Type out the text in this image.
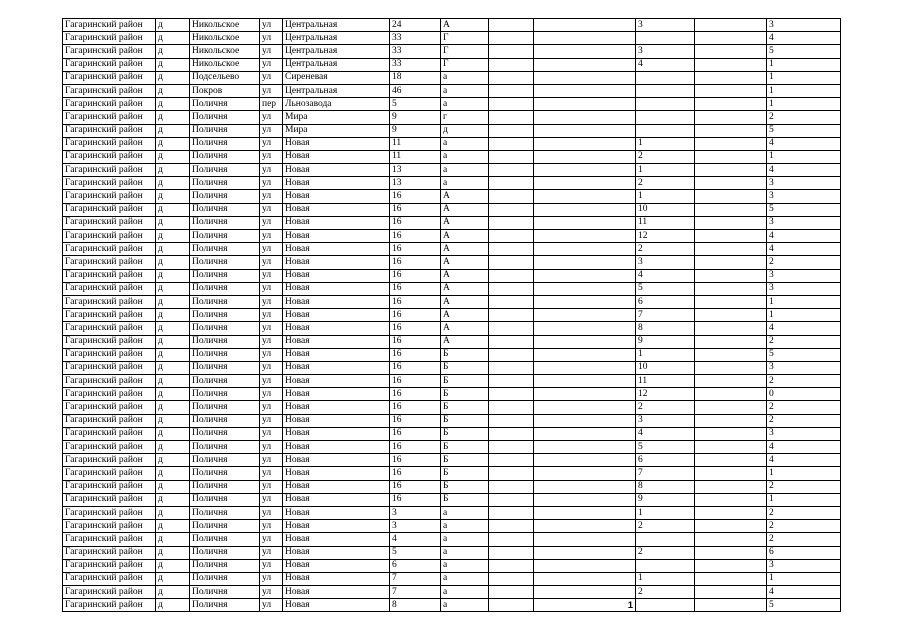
Гагаринский район	д	Никольское	ул	Центральная	24	А			3		3
Гагаринский район	д	Никольское	ул	Центральная	33	Г					4
Гагаринский район	д	Никольское	ул	Центральная	33	Г			3		5
Гагаринский район	д	Никольское	ул	Центральная	33	Г			4		1
Гагаринский район	д	Подсельево	ул	Сиреневая	18	а					1
Гагаринский район	д	Покров	ул	Центральная	46	а					1
Гагаринский район	д	Поличня	пер	Льнозавода	5	а					1
Гагаринский район	д	Поличня	ул	Мира	9	г					2
Гагаринский район	д	Поличня	ул	Мира	9	д					5
Гагаринский район	д	Поличня	ул	Новая	11	а			1		4
Гагаринский район	д	Поличня	ул	Новая	11	а			2		1
Гагаринский район	д	Поличня	ул	Новая	13	а			1		4
Гагаринский район	д	Поличня	ул	Новая	13	а			2		3
Гагаринский район	д	Поличня	ул	Новая	16	А			1		3
Гагаринский район	д	Поличня	ул	Новая	16	А			10		5
Гагаринский район	д	Поличня	ул	Новая	16	А			11		3
Гагаринский район	д	Поличня	ул	Новая	16	А			12		4
Гагаринский район	д	Поличня	ул	Новая	16	А			2		4
Гагаринский район	д	Поличня	ул	Новая	16	А			3		2
Гагаринский район	д	Поличня	ул	Новая	16	А			4		3
Гагаринский район	д	Поличня	ул	Новая	16	А			5		3
Гагаринский район	д	Поличня	ул	Новая	16	А			6		1
Гагаринский район	д	Поличня	ул	Новая	16	А			7		1
Гагаринский район	д	Поличня	ул	Новая	16	А			8		4
Гагаринский район	д	Поличня	ул	Новая	16	А			9		2
Гагаринский район	д	Поличня	ул	Новая	16	Б			1		5
Гагаринский район	д	Поличня	ул	Новая	16	Б			10		3
Гагаринский район	д	Поличня	ул	Новая	16	Б			11		2
Гагаринский район	д	Поличня	ул	Новая	16	Б			12		0
Гагаринский район	д	Поличня	ул	Новая	16	Б			2		2
Гагаринский район	д	Поличня	ул	Новая	16	Б			3		2
Гагаринский район	д	Поличня	ул	Новая	16	Б			4		3
Гагаринский район	д	Поличня	ул	Новая	16	Б			5		4
Гагаринский район	д	Поличня	ул	Новая	16	Б			6		4
Гагаринский район	д	Поличня	ул	Новая	16	Б			7		1
Гагаринский район	д	Поличня	ул	Новая	16	Б			8		2
Гагаринский район	д	Поличня	ул	Новая	16	Б			9		1
Гагаринский район	д	Поличня	ул	Новая	3	а			1		2
Гагаринский район	д	Поличня	ул	Новая	3	а			2		2
Гагаринский район	д	Поличня	ул	Новая	4	а					2
Гагаринский район	д	Поличня	ул	Новая	5	а			2		6
Гагаринский район	д	Поличня	ул	Новая	6	а					3
Гагаринский район	д	Поличня	ул	Новая	7	а			1		1
Гагаринский район	д	Поличня	ул	Новая	7	а			2		4
Гагаринский район	д	Поличня	ул	Новая	8	а		1			5
